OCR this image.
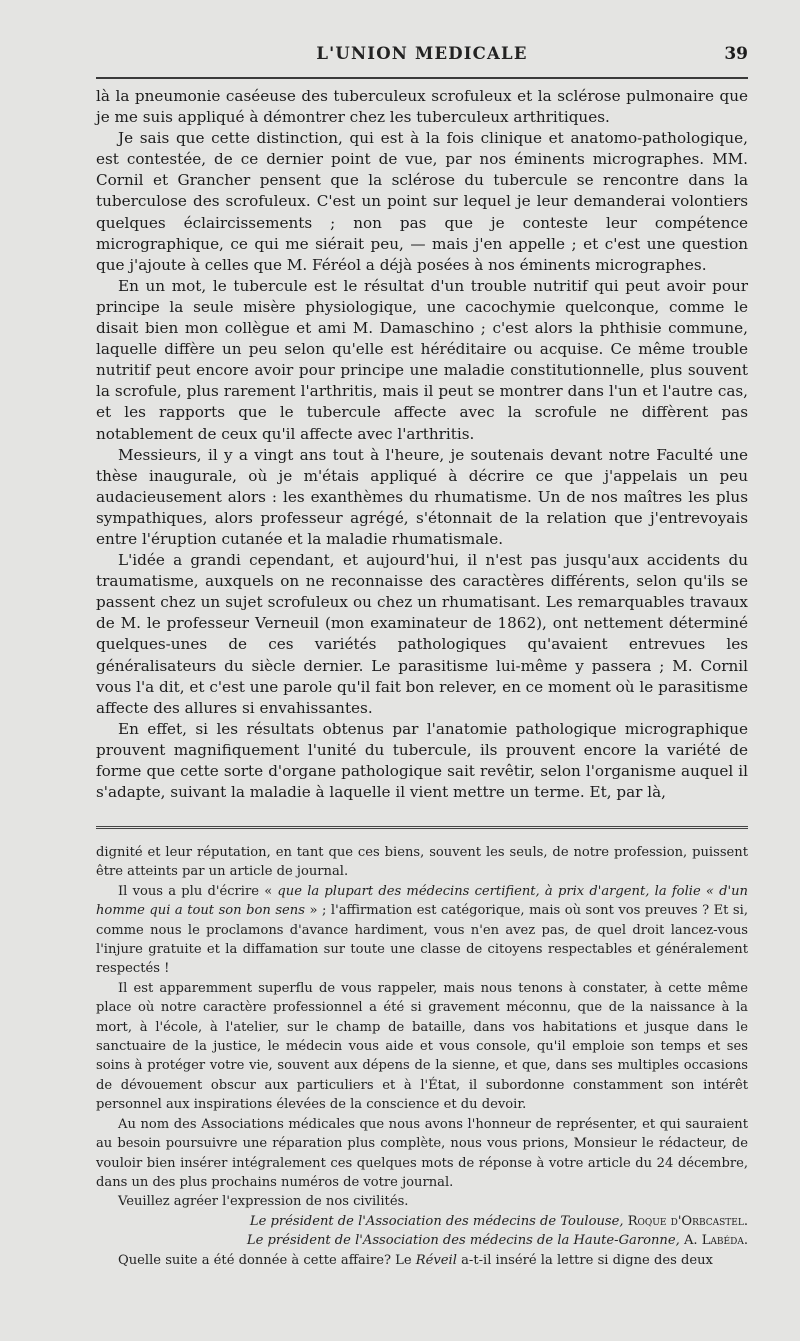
L'UNION MEDICALE	39

là la pneumonie caséeuse des tuberculeux scrofuleux et la sclérose pulmonaire que je me suis appliqué à démontrer chez les tuberculeux arthritiques.

Je sais que cette distinction, qui est à la fois clinique et anatomo-pathologique, est contestée, de ce dernier point de vue, par nos éminents micrographes. MM. Cornil et Grancher pensent que la sclérose du tubercule se rencontre dans la tuberculose des scrofuleux. C'est un point sur lequel je leur demanderai volontiers quelques éclaircissements ; non pas que je conteste leur compétence micrographique, ce qui me siérait peu, — mais j'en appelle ; et c'est une question que j'ajoute à celles que M. Féréol a déjà posées à nos éminents micrographes.

En un mot, le tubercule est le résultat d'un trouble nutritif qui peut avoir pour principe la seule misère physiologique, une cacochymie quelconque, comme le disait bien mon collègue et ami M. Damaschino ; c'est alors la phthisie commune, laquelle diffère un peu selon qu'elle est héréditaire ou acquise. Ce même trouble nutritif peut encore avoir pour principe une maladie constitutionnelle, plus souvent la scrofule, plus rarement l'arthritis, mais il peut se montrer dans l'un et l'autre cas, et les rapports que le tubercule affecte avec la scrofule ne diffèrent pas notablement de ceux qu'il affecte avec l'arthritis.

Messieurs, il y a vingt ans tout à l'heure, je soutenais devant notre Faculté une thèse inaugurale, où je m'étais appliqué à décrire ce que j'appelais un peu audacieusement alors : les exanthèmes du rhumatisme. Un de nos maîtres les plus sympathiques, alors professeur agrégé, s'étonnait de la relation que j'entrevoyais entre l'éruption cutanée et la maladie rhumatismale.

L'idée a grandi cependant, et aujourd'hui, il n'est pas jusqu'aux accidents du traumatisme, auxquels on ne reconnaisse des caractères différents, selon qu'ils se passent chez un sujet scrofuleux ou chez un rhumatisant. Les remarquables travaux de M. le professeur Verneuil (mon examinateur de 1862), ont nettement déterminé quelques-unes de ces variétés pathologiques qu'avaient entrevues les généralisateurs du siècle dernier. Le parasitisme lui-même y passera ; M. Cornil vous l'a dit, et c'est une parole qu'il fait bon relever, en ce moment où le parasitisme affecte des allures si envahissantes.

En effet, si les résultats obtenus par l'anatomie pathologique micrographique prouvent magnifiquement l'unité du tubercule, ils prouvent encore la variété de forme que cette sorte d'organe pathologique sait revêtir, selon l'organisme auquel il s'adapte, suivant la maladie à laquelle il vient mettre un terme. Et, par là,

dignité et leur réputation, en tant que ces biens, souvent les seuls, de notre profession, puissent être atteints par un article de journal.

Il vous a plu d'écrire « que la plupart des médecins certifient, à prix d'argent, la folie « d'un homme qui a tout son bon sens » ; l'affirmation est catégorique, mais où sont vos preuves ? Et si, comme nous le proclamons d'avance hardiment, vous n'en avez pas, de quel droit lancez-vous l'injure gratuite et la diffamation sur toute une classe de citoyens respectables et généralement respectés !

Il est apparemment superflu de vous rappeler, mais nous tenons à constater, à cette même place où notre caractère professionnel a été si gravement méconnu, que de la naissance à la mort, à l'école, à l'atelier, sur le champ de bataille, dans vos habitations et jusque dans le sanctuaire de la justice, le médecin vous aide et vous console, qu'il emploie son temps et ses soins à protéger votre vie, souvent aux dépens de la sienne, et que, dans ses multiples occasions de dévouement obscur aux particuliers et à l'État, il subordonne constamment son intérêt personnel aux inspirations élevées de la conscience et du devoir.

Au nom des Associations médicales que nous avons l'honneur de représenter, et qui sauraient au besoin poursuivre une réparation plus complète, nous vous prions, Monsieur le rédacteur, de vouloir bien insérer intégralement ces quelques mots de réponse à votre article du 24 décembre, dans un des plus prochains numéros de votre journal.

Veuillez agréer l'expression de nos civilités.

Le président de l'Association des médecins de Toulouse, Roque d'Orbcastel.

Le président de l'Association des médecins de la Haute-Garonne, A. Labéda.

Quelle suite a été donnée à cette affaire? Le Réveil a-t-il inséré la lettre si digne des deux
